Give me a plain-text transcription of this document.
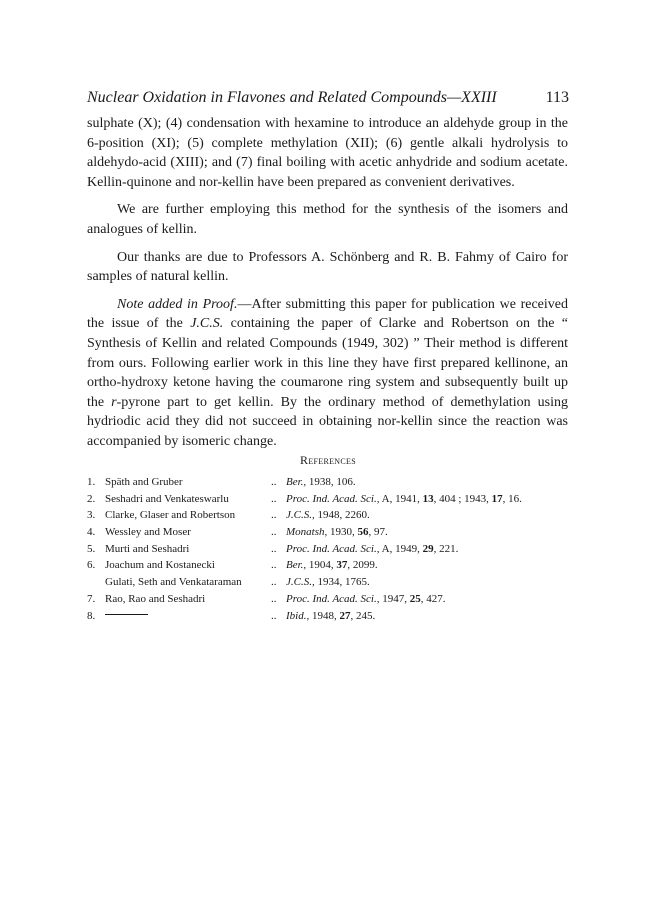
Nuclear Oxidation in Flavones and Related Compounds—XXIII	113

sulphate (X); (4) condensation with hexamine to introduce an aldehyde group in the 6-position (XI); (5) complete methylation (XII); (6) gentle alkali hydrolysis to aldehydo-acid (XIII); and (7) final boiling with acetic anhydride and sodium acetate. Kellin-quinone and nor-kellin have been prepared as convenient derivatives.

We are further employing this method for the synthesis of the isomers and analogues of kellin.

Our thanks are due to Professors A. Schönberg and R. B. Fahmy of Cairo for samples of natural kellin.

Note added in Proof.—After submitting this paper for publication we received the issue of the J.C.S. containing the paper of Clarke and Robertson on the “ Synthesis of Kellin and related Compounds (1949, 302) ” Their method is different from ours. Following earlier work in this line they have first prepared kellinone, an ortho-hydroxy ketone having the coumarone ring system and subsequently built up the r-pyrone part to get kellin. By the ordinary method of demethylation using hydriodic acid they did not succeed in obtaining nor-kellin since the reaction was accompanied by isomeric change.

References
1. Späth and Gruber	.. Ber., 1938, 106.
2. Seshadri and Venkateswarlu	.. Proc. Ind. Acad. Sci., A, 1941, 13, 404 ; 1943, 17, 16.
3. Clarke, Glaser and Robertson	.. J.C.S., 1948, 2260.
4. Wessley and Moser	.. Monatsh, 1930, 56, 97.
5. Murti and Seshadri	.. Proc. Ind. Acad. Sci., A, 1949, 29, 221.
6. Joachum and Kostanecki	.. Ber., 1904, 37, 2099.
Gulati, Seth and Venkataraman	.. J.C.S., 1934, 1765.
7. Rao, Rao and Seshadri	.. Proc. Ind. Acad. Sci., 1947, 25, 427.
8.	.. Ibid., 1948, 27, 245.
